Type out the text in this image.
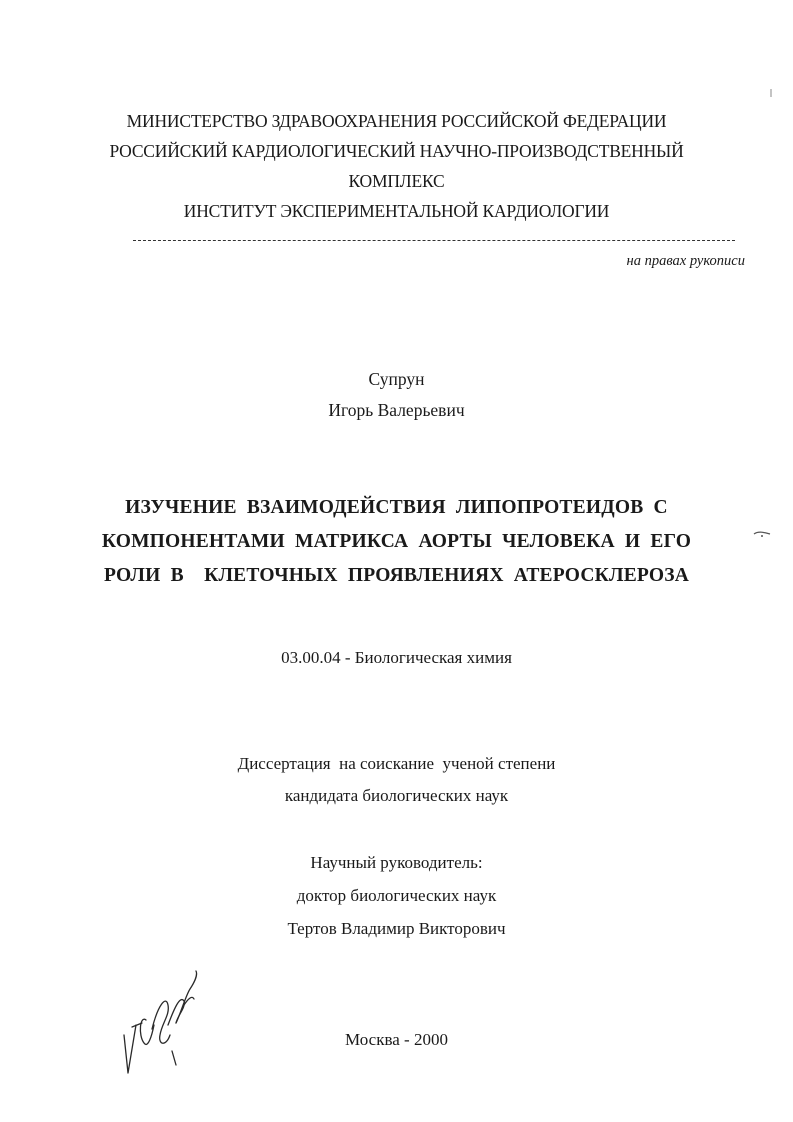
МИНИСТЕРСТВО ЗДРАВООХРАНЕНИЯ РОССИЙСКОЙ ФЕДЕРАЦИИ
РОССИЙСКИЙ КАРДИОЛОГИЧЕСКИЙ НАУЧНО-ПРОИЗВОДСТВЕННЫЙ
КОМПЛЕКС
ИНСТИТУТ ЭКСПЕРИМЕНТАЛЬНОЙ КАРДИОЛОГИИ
на правах рукописи
Супрун
Игорь Валерьевич
ИЗУЧЕНИЕ  ВЗАИМОДЕЙСТВИЯ  ЛИПОПРОТЕИДОВ  С
КОМПОНЕНТАМИ  МАТРИКСА  АОРТЫ  ЧЕЛОВЕКА  И  ЕГО
РОЛИ  В    КЛЕТОЧНЫХ  ПРОЯВЛЕНИЯХ  АТЕРОСКЛЕРОЗА
03.00.04 - Биологическая химия
Диссертация  на соискание  ученой степени
кандидата биологических наук
Научный руководитель:
доктор биологических наук
Тертов Владимир Викторович
Москва - 2000
